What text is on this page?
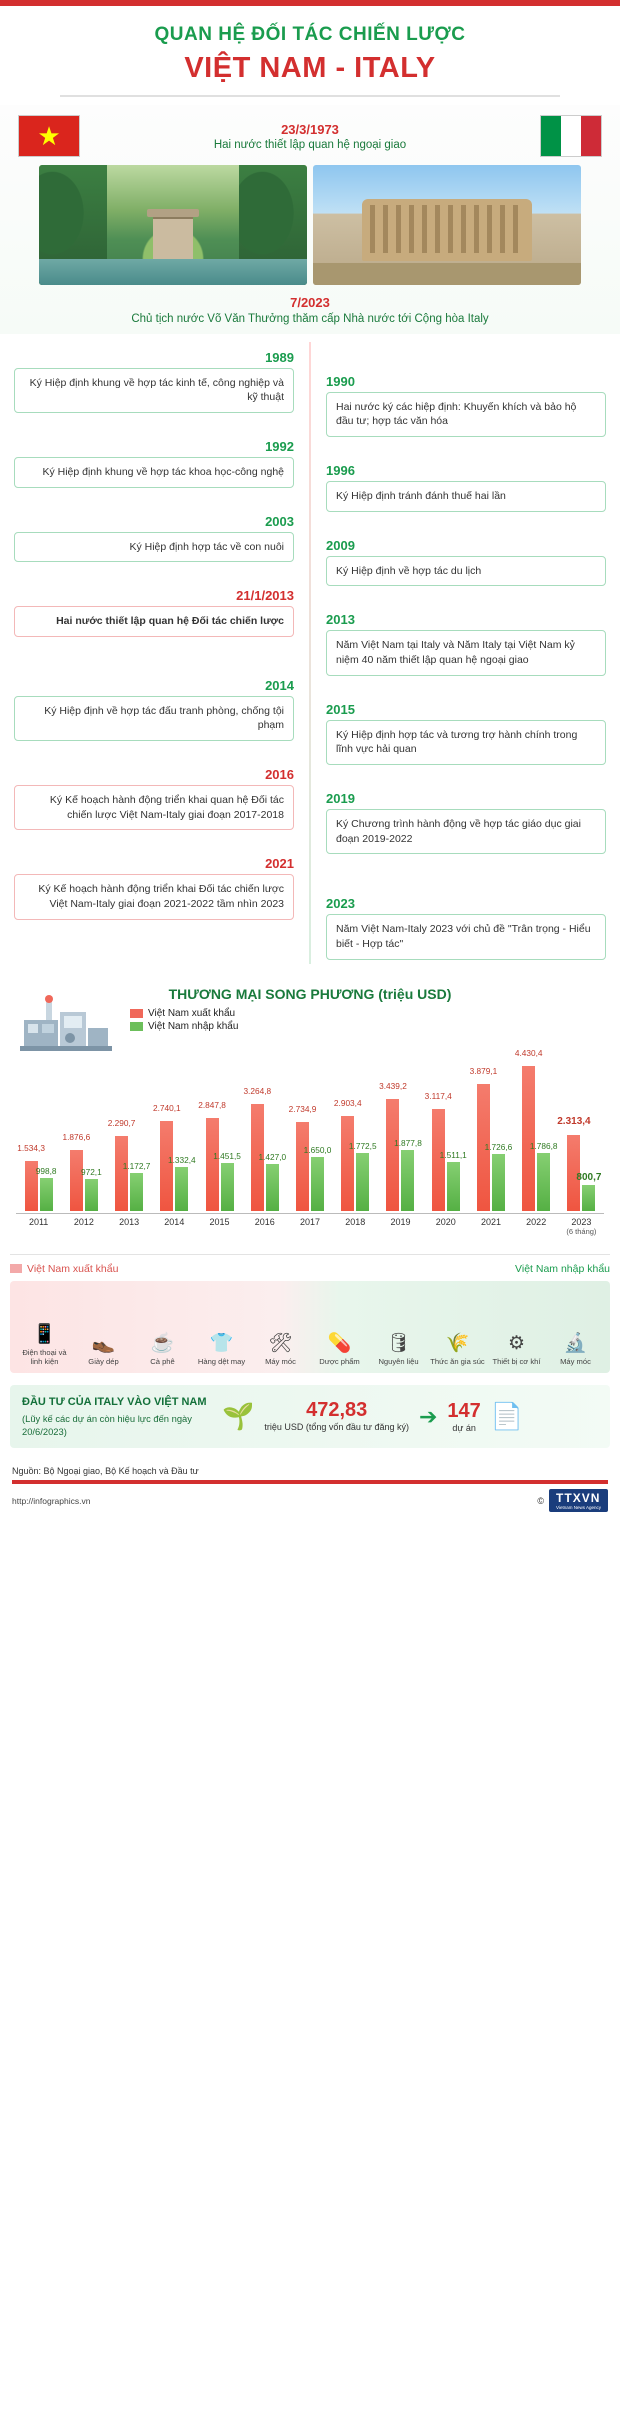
QUAN HỆ ĐỐI TÁC CHIẾN LƯỢC
VIỆT NAM - ITALY
★	23/3/1973
Hai nước thiết lập quan hệ ngoại giao
7/2023
Chủ tịch nước Võ Văn Thưởng thăm cấp Nhà nước tới Cộng hòa Italy
1989
Ký Hiệp định khung về hợp tác kinh tế, công nghiệp và kỹ thuật
1990
Hai nước ký các hiệp định: Khuyến khích và bảo hộ đầu tư; hợp tác văn hóa
1992
Ký Hiệp định khung về hợp tác khoa học-công nghệ	1996
Ký Hiệp định tránh đánh thuế hai lần
2003
Ký Hiệp định hợp tác về con nuôi	2009
Ký Hiệp định về hợp tác du lịch
21/1/2013
Hai nước thiết lập quan hệ Đối tác chiến lược	2013
Năm Việt Nam tại Italy và Năm Italy tại Việt Nam kỷ niệm 40 năm thiết lập quan hệ ngoại giao
2014
Ký Hiệp định về hợp tác đấu tranh phòng, chống tội phạm
2015
Ký Hiệp định hợp tác và tương trợ hành chính trong lĩnh vực hải quan
2016
Ký Kế hoạch hành động triển khai quan hệ Đối tác chiến lược Việt Nam-Italy giai đoạn 2017-2018
2019
Ký Chương trình hành động về hợp tác giáo dục giai đoạn 2019-2022
2021
Ký Kế hoạch hành động triển khai Đối tác chiến lược Việt Nam-Italy giai đoạn 2021-2022 tầm nhìn 2023	2023
Năm Việt Nam-Italy 2023 với chủ đề "Trân trọng - Hiểu biết - Hợp tác"
THƯƠNG MẠI SONG PHƯƠNG (triệu USD)
Việt Nam xuất khẩu
Việt Nam nhập khẩu
1.534,3
998,8
1.876,6
972,1
2.290,7
1.172,7
2.740,1
1.332,4
2.847,8
1.451,5
3.264,8
1.427,0
2.734,9
1.650,0
2.903,4
1.772,5
3.439,2
1.877,8
3.117,4
1.511,1
3.879,1
1.726,6
4.430,4
1.786,8
2.313,4
800,7
2011	2012	2013	2014	2015	2016	2017	2018	2019	2020	2021	2022	2023
(6 tháng)
Việt Nam xuất khẩu	Việt Nam nhập khẩu
📱
Điện thoại và linh kiện
👞
Giày dép
☕
Cà phê
👕
Hàng dệt may
🛠
Máy móc
💊
Dược phẩm
🛢
Nguyên liệu
🌾
Thức ăn gia súc
⚙
Thiết bị cơ khí
🔬
Máy móc
ĐẦU TƯ CỦA ITALY VÀO VIỆT NAM
(Lũy kế các dự án còn hiệu lực đến ngày 20/6/2023)
🌱	472,83
triệu USD (tổng vốn đầu tư đăng ký) ➔ 147
dự án 📄
Nguồn: Bộ Ngoại giao, Bộ Kế hoạch và Đầu tư
http://infographics.vn	©	TTXVN
Vietnam News Agency
